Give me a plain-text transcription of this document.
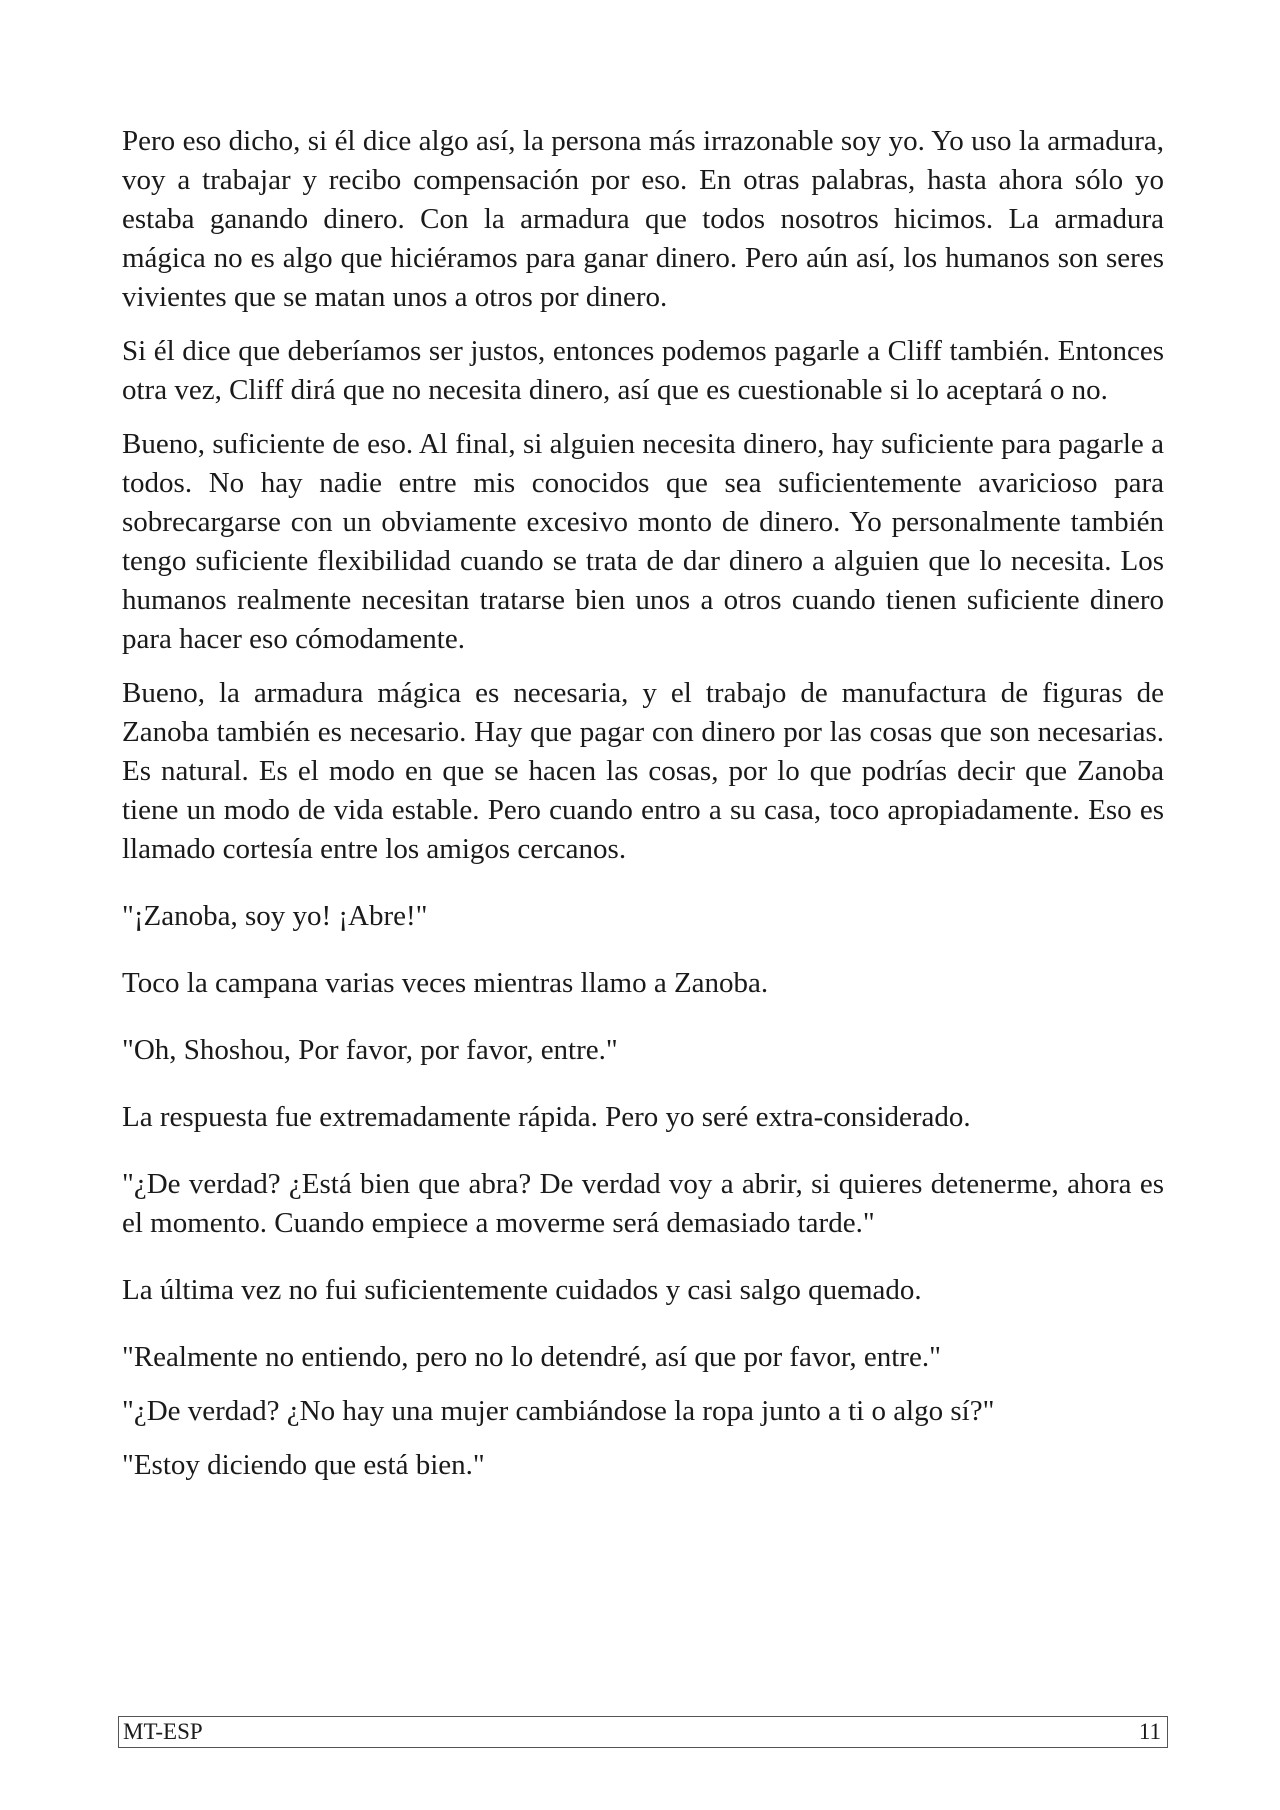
Pero eso dicho, si él dice algo así, la persona más irrazonable soy yo. Yo uso la armadura, voy a trabajar y recibo compensación por eso. En otras palabras, hasta ahora sólo yo estaba ganando dinero. Con la armadura que todos nosotros hicimos. La armadura mágica no es algo que hiciéramos para ganar dinero. Pero aún así, los humanos son seres vivientes que se matan unos a otros por dinero.

Si él dice que deberíamos ser justos, entonces podemos pagarle a Cliff también. Entonces otra vez, Cliff dirá que no necesita dinero, así que es cuestionable si lo aceptará o no.

Bueno, suficiente de eso. Al final, si alguien necesita dinero, hay suficiente para pagarle a todos. No hay nadie entre mis conocidos que sea suficientemente avaricioso para sobrecargarse con un obviamente excesivo monto de dinero. Yo personalmente también tengo suficiente flexibilidad cuando se trata de dar dinero a alguien que lo necesita. Los humanos realmente necesitan tratarse bien unos a otros cuando tienen suficiente dinero para hacer eso cómodamente.

Bueno, la armadura mágica es necesaria, y el trabajo de manufactura de figuras de Zanoba también es necesario. Hay que pagar con dinero por las cosas que son necesarias. Es natural. Es el modo en que se hacen las cosas, por lo que podrías decir que Zanoba tiene un modo de vida estable. Pero cuando entro a su casa, toco apropiadamente. Eso es llamado cortesía entre los amigos cercanos.

"¡Zanoba, soy yo! ¡Abre!"

Toco la campana varias veces mientras llamo a Zanoba.

"Oh, Shoshou, Por favor, por favor, entre."

La respuesta fue extremadamente rápida. Pero yo seré extra-considerado.

"¿De verdad? ¿Está bien que abra? De verdad voy a abrir, si quieres detenerme, ahora es el momento. Cuando empiece a moverme será demasiado tarde."

La última vez no fui suficientemente cuidados y casi salgo quemado.

"Realmente no entiendo, pero no lo detendré, así que por favor, entre."

"¿De verdad? ¿No hay una mujer cambiándose la ropa junto a ti o algo sí?"

"Estoy diciendo que está bien."

MT-ESP	11
